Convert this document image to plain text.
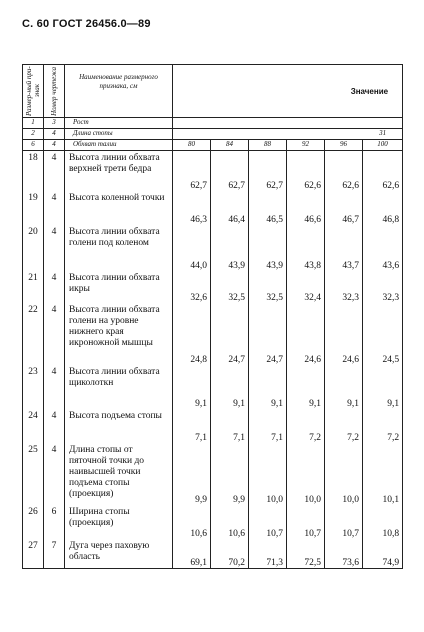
С. 60 ГОСТ 26456.0—89
Размер-ный при-знак	Номер чертежа	Наименование размерного признака, см	Значение					
1	3	Рост						
2	4	Длина стопы	31					
6	4	Обхват талии	80	84	88	92	96	100
18	4	Высота линии обхвата верхней трети бедра	62,7	62,7	62,7	62,6	62,6	62,6
19	4	Высота коленной точки	46,3	46,4	46,5	46,6	46,7	46,8
20	4	Высота линии обхвата голени под коленом	44,0	43,9	43,9	43,8	43,7	43,6
21	4	Высота линии обхвата икры	32,6	32,5	32,5	32,4	32,3	32,3
22	4	Высота линии обхвата голени на уровне нижнего края икроножной мышцы	24,8	24,7	24,7	24,6	24,6	24,5
23	4	Высота линии обхвата щиколоткн	9,1	9,1	9,1	9,1	9,1	9,1
24	4	Высота подъема стопы	7,1	7,1	7,1	7,2	7,2	7,2
25	4	Длина стопы от пяточной точки до наивысшей точки подъема стопы (проекция)	9,9	9,9	10,0	10,0	10,0	10,1
26	6	Ширина стопы (проекция)	10,6	10,6	10,7	10,7	10,7	10,8
27	7	Дуга через паховую область	69,1	70,2	71,3	72,5	73,6	74,9
